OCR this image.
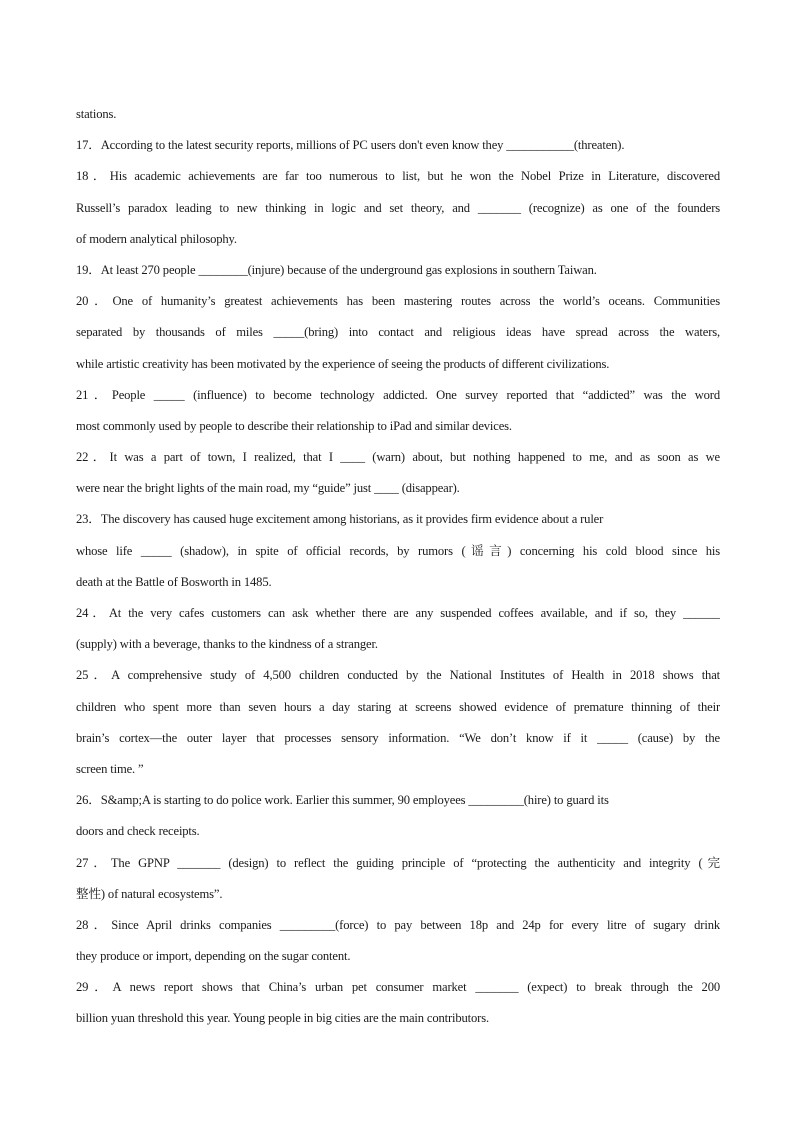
stations.
17．According to the latest security reports, millions of PC users don't even know they ___________(threaten).
18．His academic achievements are far too numerous to list, but he won the Nobel Prize in Literature, discovered
Russell’s paradox leading to new thinking in logic and set theory, and _______ (recognize) as one of the founders
of modern analytical philosophy.
19．At least 270 people ________(injure) because of the underground gas explosions in southern Taiwan.
20．One of humanity’s greatest achievements has been mastering routes across the world’s oceans. Communities
separated by thousands of miles _____(bring) into contact and religious ideas have spread across the waters,
while artistic creativity has been motivated by the experience of seeing the products of different civilizations.
21．People _____ (influence) to become technology addicted. One survey reported that “addicted” was the word
most commonly used by people to describe their relationship to iPad and similar devices.
22．It was a part of town, I realized, that I ____ (warn) about, but nothing happened to me, and as soon as we
were near the bright lights of the main road, my “guide” just ____ (disappear).
23．The discovery has caused huge excitement among historians, as it provides firm evidence about a ruler
whose life _____ (shadow), in spite of official records, by rumors (谣言) concerning his cold blood since his
death at the Battle of Bosworth in 1485.
24．At the very cafes customers can ask whether there are any suspended coffees available, and if so, they ______
(supply) with a beverage, thanks to the kindness of a stranger.
25．A comprehensive study of 4,500 children conducted by the National Institutes of Health in 2018 shows that
children who spent more than seven hours a day staring at screens showed evidence of premature thinning of their
brain’s cortex—the outer layer that processes sensory information. “We don’t know if it _____ (cause) by the
screen time. ”
26．S&amp;A is starting to do police work. Earlier this summer, 90 employees _________(hire) to guard its
doors and check receipts.
27．The GPNP _______ (design) to reflect the guiding principle of “protecting the authenticity and integrity (完
整性) of natural ecosystems”.
28．Since April drinks companies _________(force) to pay between 18p and 24p for every litre of sugary drink
they produce or import, depending on the sugar content.
29．A news report shows that China’s urban pet consumer market _______ (expect) to break through the 200
billion yuan threshold this year. Young people in big cities are the main contributors.
